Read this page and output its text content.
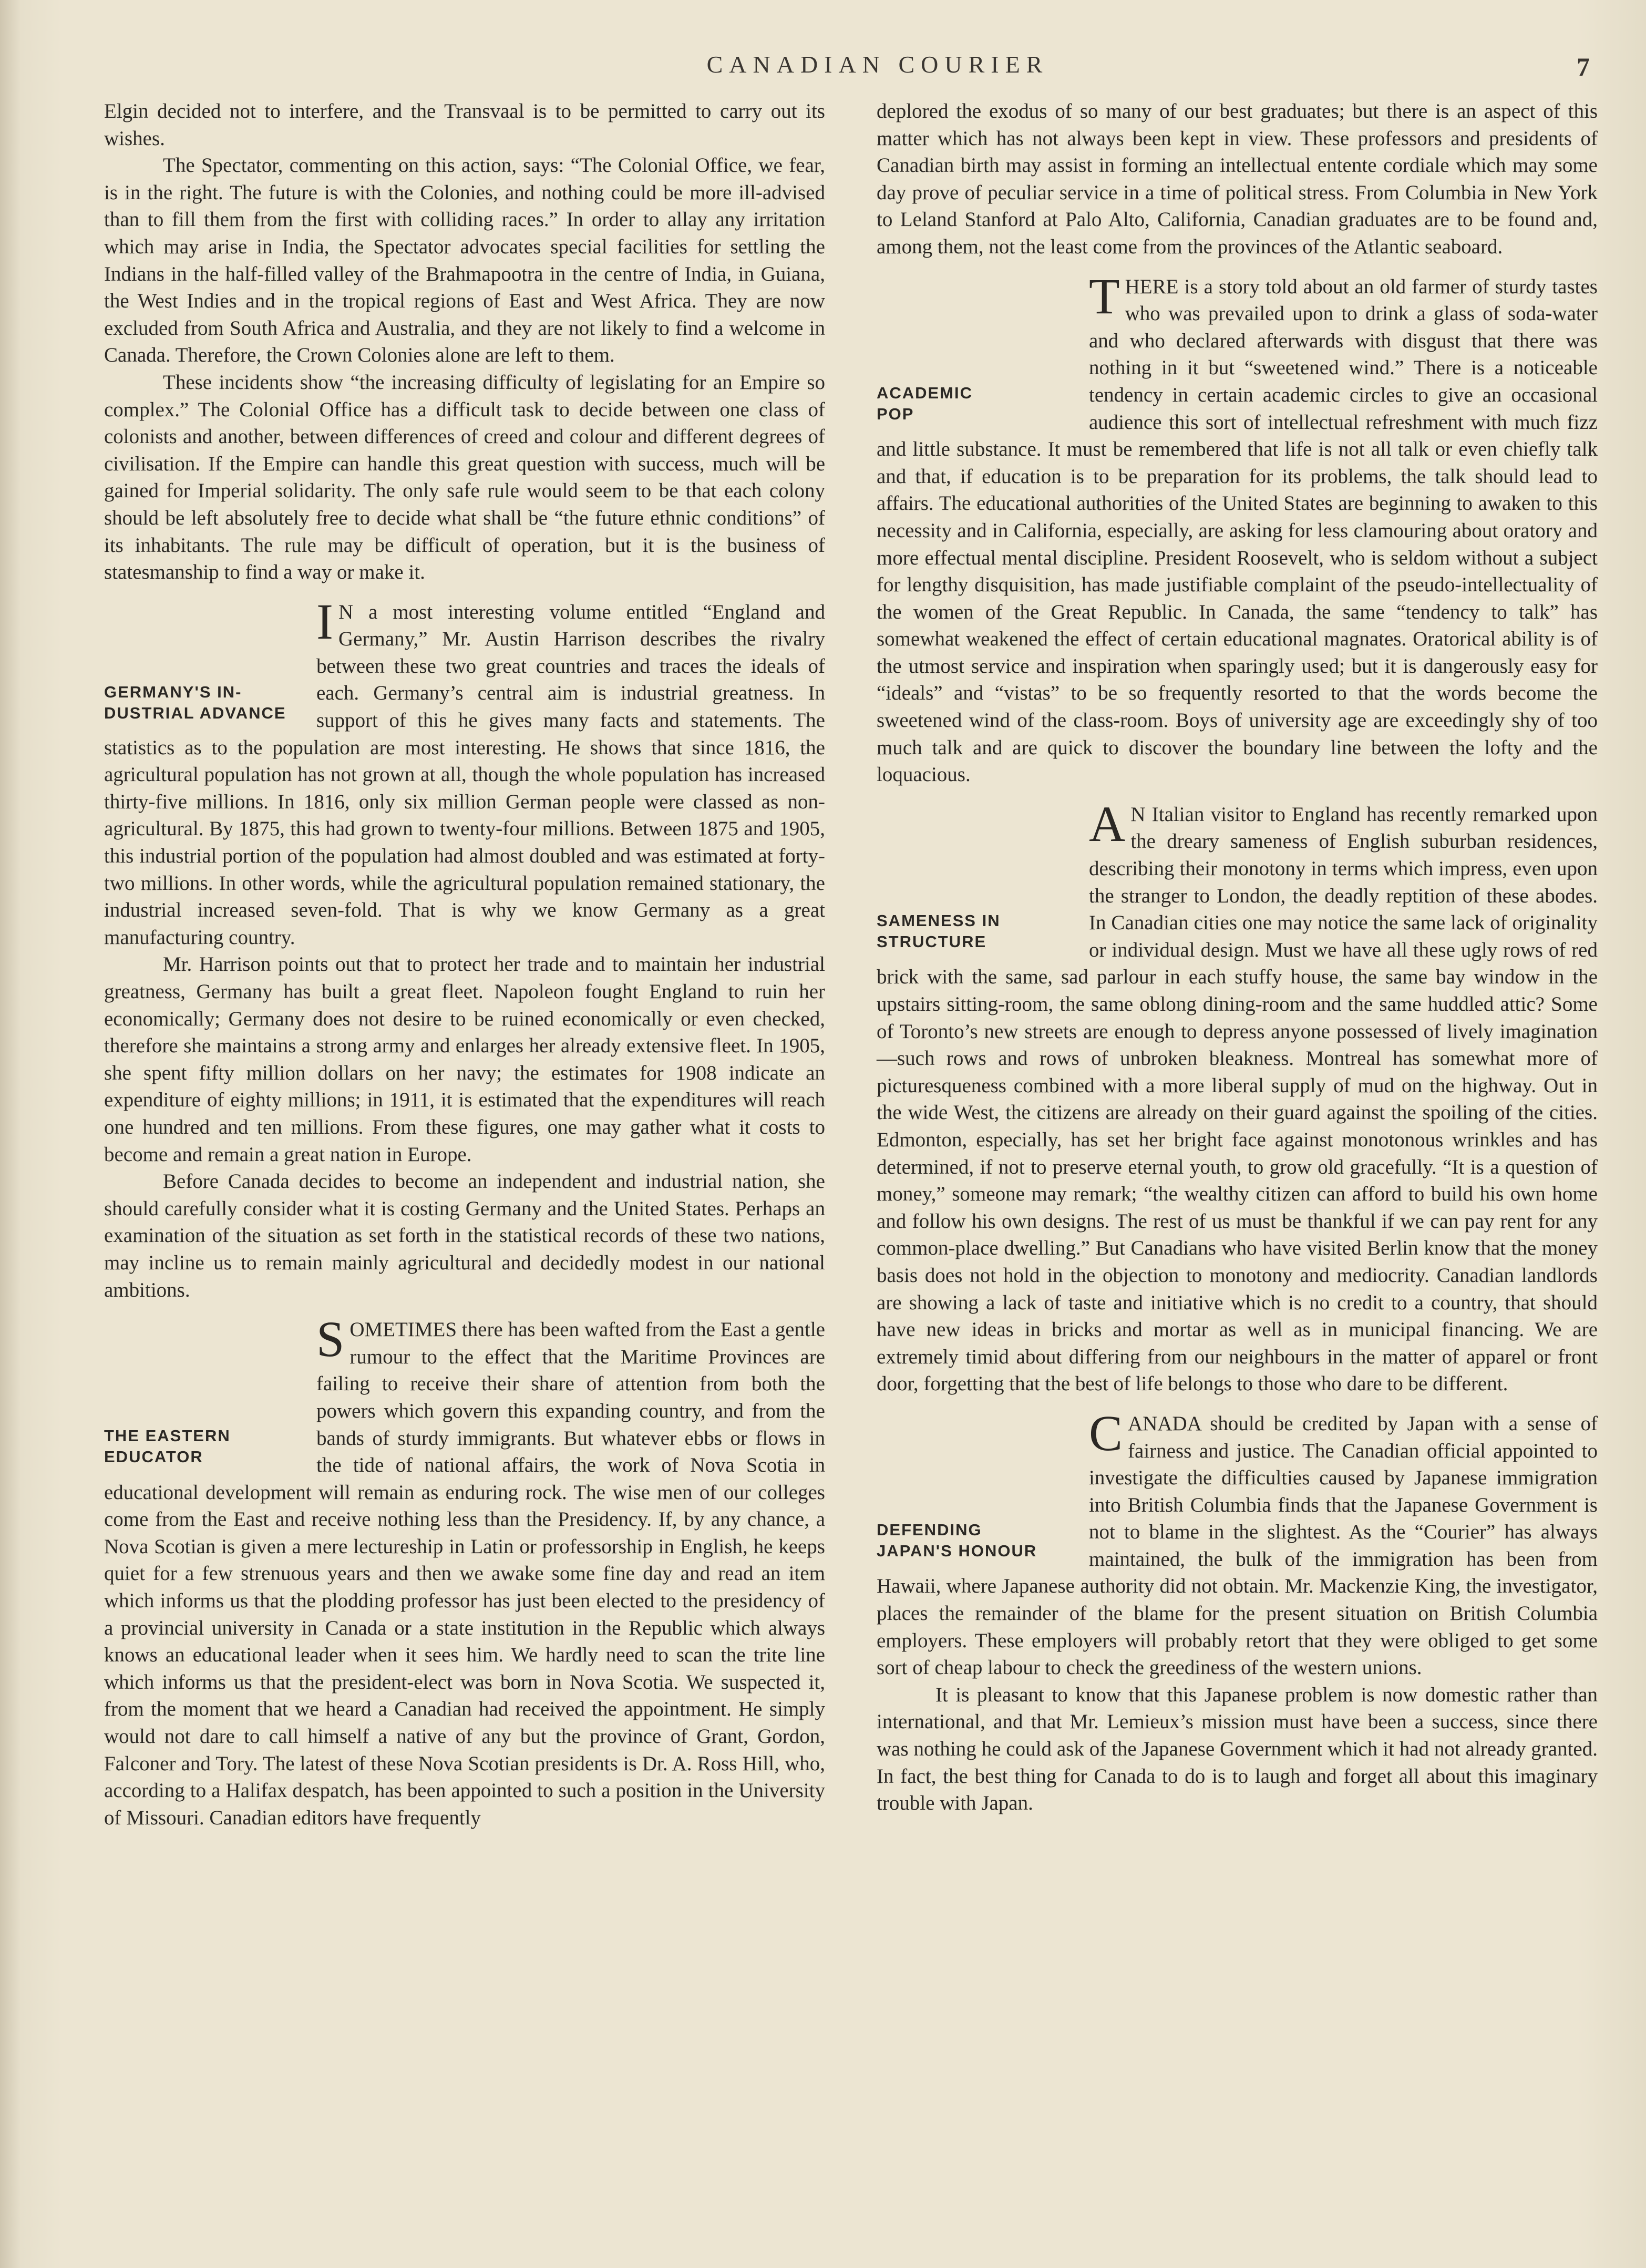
CANADIAN COURIER	7

Elgin decided not to interfere, and the Transvaal is to be permitted to carry out its wishes.

The Spectator, commenting on this action, says: “The Colonial Office, we fear, is in the right. The future is with the Colonies, and nothing could be more ill-advised than to fill them from the first with colliding races.” In order to allay any irritation which may arise in India, the Spectator advocates special facilities for settling the Indians in the half-filled valley of the Brahmapootra in the centre of India, in Guiana, the West Indies and in the tropical regions of East and West Africa. They are now excluded from South Africa and Australia, and they are not likely to find a welcome in Canada. Therefore, the Crown Colonies alone are left to them.

These incidents show “the increasing difficulty of legislating for an Empire so complex.” The Colonial Office has a difficult task to decide between one class of colonists and another, between differences of creed and colour and different degrees of civilisation. If the Empire can handle this great question with success, much will be gained for Imperial solidarity. The only safe rule would seem to be that each colony should be left absolutely free to decide what shall be “the future ethnic conditions” of its inhabitants. The rule may be difficult of operation, but it is the business of statesmanship to find a way or make it.

GERMANY'S IN-
DUSTRIAL ADVANCE

I N a most interesting volume entitled “England and Germany,” Mr. Austin Harrison describes the rivalry between these two great countries and traces the ideals of each. Germany’s central aim is industrial greatness. In support of this he gives many facts and statements. The statistics as to the population are most interesting. He shows that since 1816, the agricultural population has not grown at all, though the whole population has increased thirty-five millions. In 1816, only six million German people were classed as non-agricultural. By 1875, this had grown to twenty-four millions. Between 1875 and 1905, this industrial portion of the population had almost doubled and was estimated at forty-two millions. In other words, while the agricultural population remained stationary, the industrial increased seven-fold. That is why we know Germany as a great manufacturing country.

Mr. Harrison points out that to protect her trade and to maintain her industrial greatness, Germany has built a great fleet. Napoleon fought England to ruin her economically; Germany does not desire to be ruined economically or even checked, therefore she maintains a strong army and enlarges her already extensive fleet. In 1905, she spent fifty million dollars on her navy; the estimates for 1908 indicate an expenditure of eighty millions; in 1911, it is estimated that the expenditures will reach one hundred and ten millions. From these figures, one may gather what it costs to become and remain a great nation in Europe.

Before Canada decides to become an independent and industrial nation, she should carefully consider what it is costing Germany and the United States. Perhaps an examination of the situation as set forth in the statistical records of these two nations, may incline us to remain mainly agricultural and decidedly modest in our national ambitions.

THE EASTERN
EDUCATOR

SOMETIMES there has been wafted from the East a gentle rumour to the effect that the Maritime Provinces are failing to receive their share of attention from both the powers which govern this expanding country, and from the bands of sturdy immigrants. But whatever ebbs or flows in the tide of national affairs, the work of Nova Scotia in educational development will remain as enduring rock. The wise men of our colleges come from the East and receive nothing less than the Presidency. If, by any chance, a Nova Scotian is given a mere lectureship in Latin or professorship in English, he keeps quiet for a few strenuous years and then we awake some fine day and read an item which informs us that the plodding professor has just been elected to the presidency of a provincial university in Canada or a state institution in the Republic which always knows an educational leader when it sees him. We hardly need to scan the trite line which informs us that the president-elect was born in Nova Scotia. We suspected it, from the moment that we heard a Canadian had received the appointment. He simply would not dare to call himself a native of any but the province of Grant, Gordon, Falconer and Tory. The latest of these Nova Scotian presidents is Dr. A. Ross Hill, who, according to a Halifax despatch, has been appointed to such a position in the University of Missouri. Canadian editors have frequently

deplored the exodus of so many of our best graduates; but there is an aspect of this matter which has not always been kept in view. These professors and presidents of Canadian birth may assist in forming an intellectual entente cordiale which may some day prove of peculiar service in a time of political stress. From Columbia in New York to Leland Stanford at Palo Alto, California, Canadian graduates are to be found and, among them, not the least come from the provinces of the Atlantic seaboard.

ACADEMIC
POP

THERE is a story told about an old farmer of sturdy tastes who was prevailed upon to drink a glass of soda-water and who declared afterwards with disgust that there was nothing in it but “sweetened wind.” There is a noticeable tendency in certain academic circles to give an occasional audience this sort of intellectual refreshment with much fizz and little substance. It must be remembered that life is not all talk or even chiefly talk and that, if education is to be preparation for its problems, the talk should lead to affairs. The educational authorities of the United States are beginning to awaken to this necessity and in California, especially, are asking for less clamouring about oratory and more effectual mental discipline. President Roosevelt, who is seldom without a subject for lengthy disquisition, has made justifiable complaint of the pseudo-intellectuality of the women of the Great Republic. In Canada, the same “tendency to talk” has somewhat weakened the effect of certain educational magnates. Oratorical ability is of the utmost service and inspiration when sparingly used; but it is dangerously easy for “ideals” and “vistas” to be so frequently resorted to that the words become the sweetened wind of the class-room. Boys of university age are exceedingly shy of too much talk and are quick to discover the boundary line between the lofty and the loquacious.

SAMENESS IN
STRUCTURE

A N Italian visitor to England has recently remarked upon the dreary sameness of English suburban residences, describing their monotony in terms which impress, even upon the stranger to London, the deadly reptition of these abodes. In Canadian cities one may notice the same lack of originality or individual design. Must we have all these ugly rows of red brick with the same, sad parlour in each stuffy house, the same bay window in the upstairs sitting-room, the same oblong dining-room and the same huddled attic? Some of Toronto’s new streets are enough to depress anyone possessed of lively imagination—such rows and rows of unbroken bleakness. Montreal has somewhat more of picturesqueness combined with a more liberal supply of mud on the highway. Out in the wide West, the citizens are already on their guard against the spoiling of the cities. Edmonton, especially, has set her bright face against monotonous wrinkles and has determined, if not to preserve eternal youth, to grow old gracefully. “It is a question of money,” someone may remark; “the wealthy citizen can afford to build his own home and follow his own designs. The rest of us must be thankful if we can pay rent for any common-place dwelling.” But Canadians who have visited Berlin know that the money basis does not hold in the objection to monotony and mediocrity. Canadian landlords are showing a lack of taste and initiative which is no credit to a country, that should have new ideas in bricks and mortar as well as in municipal financing. We are extremely timid about differing from our neighbours in the matter of apparel or front door, forgetting that the best of life belongs to those who dare to be different.

DEFENDING
JAPAN'S HONOUR

CANADA should be credited by Japan with a sense of fairness and justice. The Canadian official appointed to investigate the difficulties caused by Japanese immigration into British Columbia finds that the Japanese Government is not to blame in the slightest. As the “Courier” has always maintained, the bulk of the immigration has been from Hawaii, where Japanese authority did not obtain. Mr. Mackenzie King, the investigator, places the remainder of the blame for the present situation on British Columbia employers. These employers will probably retort that they were obliged to get some sort of cheap labour to check the greediness of the western unions.

It is pleasant to know that this Japanese problem is now domestic rather than international, and that Mr. Lemieux’s mission must have been a success, since there was nothing he could ask of the Japanese Government which it had not already granted. In fact, the best thing for Canada to do is to laugh and forget all about this imaginary trouble with Japan.
